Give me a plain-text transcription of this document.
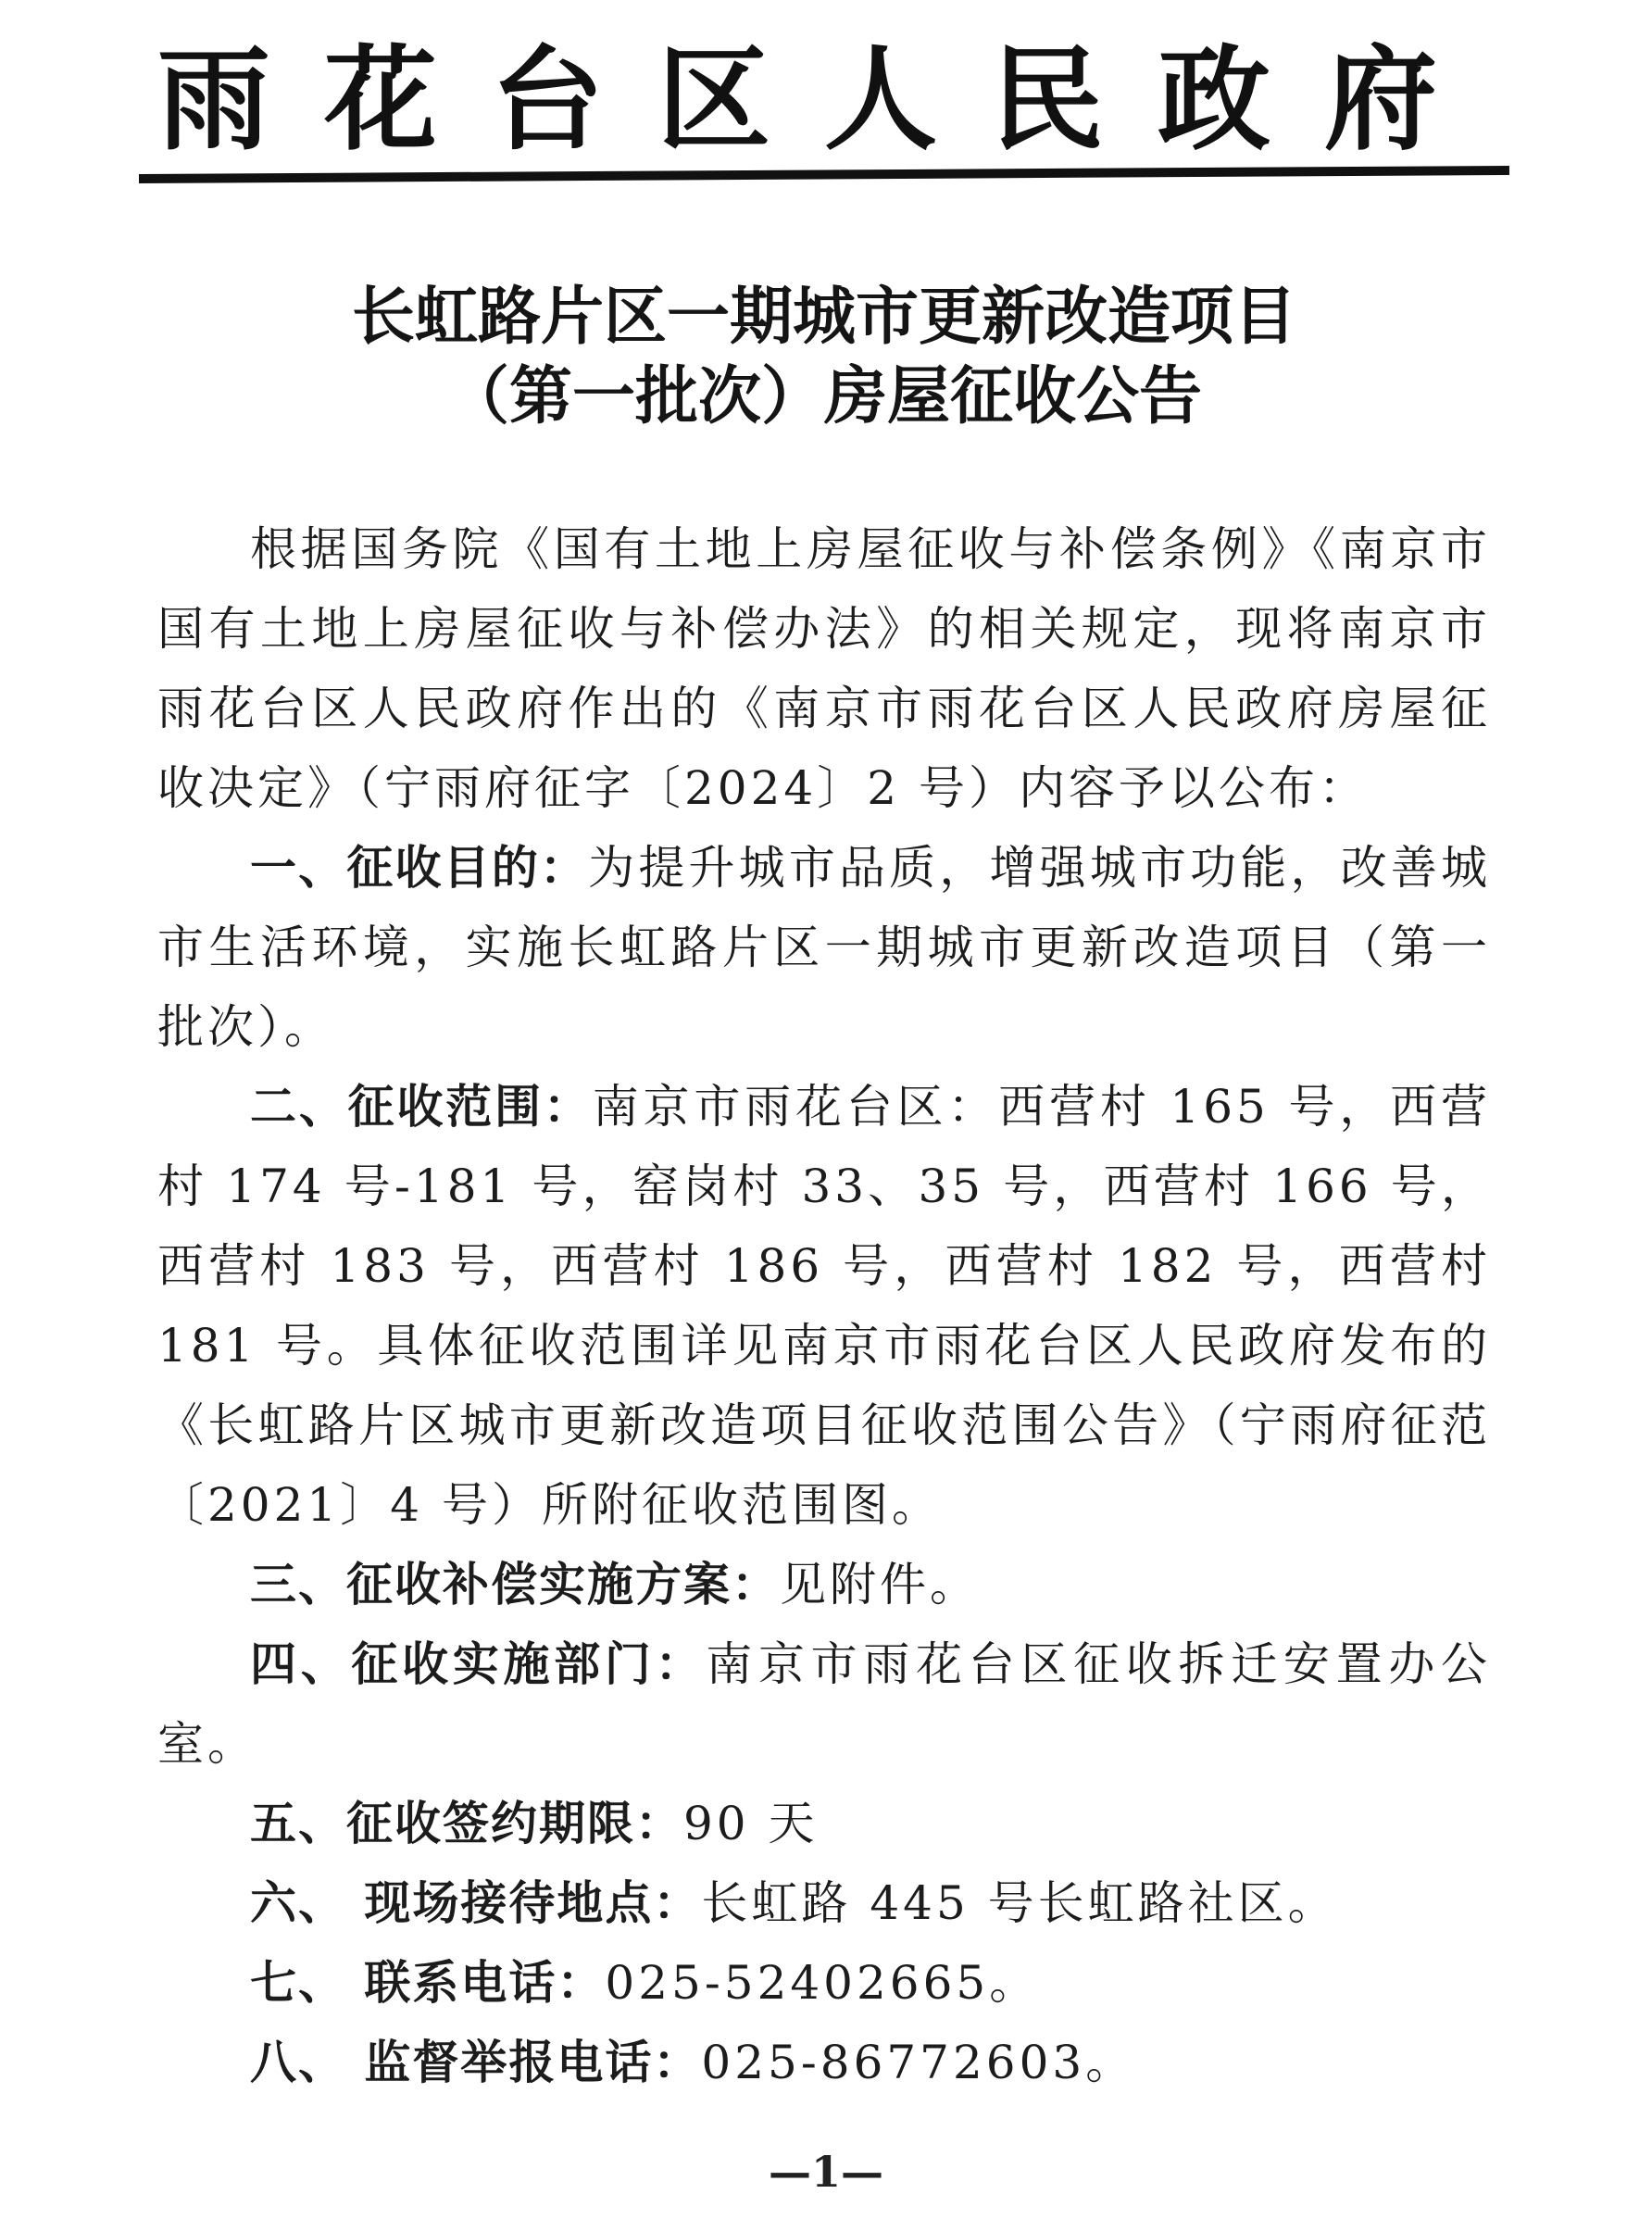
雨花台区人民政府
长虹路片区一期城市更新改造项目
（第一批次）房屋征收公告

根据国务院《国有土地上房屋征收与补偿条例》《南京市国有土地上房屋征收与补偿办法》的相关规定，现将南京市雨花台区人民政府作出的《南京市雨花台区人民政府房屋征收决定》（宁雨府征字〔2024〕2 号）内容予以公布：

一、征收目的：为提升城市品质，增强城市功能，改善城市生活环境，实施长虹路片区一期城市更新改造项目（第一批次）。

二、征收范围：南京市雨花台区：西营村 165 号，西营村 174 号-181 号，窑岗村 33、35 号，西营村 166 号，西营村 183 号，西营村 186 号，西营村 182 号，西营村 181 号。具体征收范围详见南京市雨花台区人民政府发布的《长虹路片区城市更新改造项目征收范围公告》（宁雨府征范〔2021〕4 号）所附征收范围图。

三、征收补偿实施方案：见附件。

四、征收实施部门：南京市雨花台区征收拆迁安置办公室。

五、征收签约期限：90 天

六、 现场接待地点：长虹路 445 号长虹路社区。

七、 联系电话：025-52402665。

八、 监督举报电话：025-86772603。

—1—
